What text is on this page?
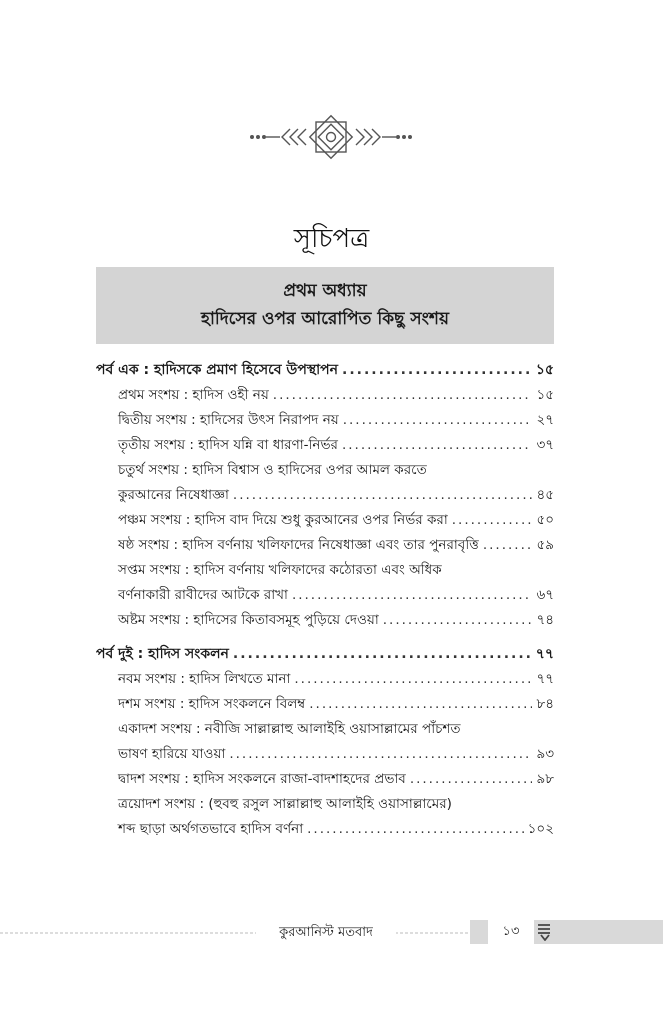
সূচিপত্র
প্রথম অধ্যায়
হাদিসের ওপর আরোপিত কিছু সংশয়
পর্ব এক : হাদিসকে প্রমাণ হিসেবে উপস্থাপন .....	১৫
প্রথম সংশয় : হাদিস ওহী নয় .....	১৫
দ্বিতীয় সংশয় : হাদিসের উৎস নিরাপদ নয় .....	২৭
তৃতীয় সংশয় : হাদিস যন্নি বা ধারণা-নির্ভর .....	৩৭
চতুর্থ সংশয় : হাদিস বিশ্বাস ও হাদিসের ওপর আমল করতে
কুরআনের নিষেধাজ্ঞা .....	৪৫
পঞ্চম সংশয় : হাদিস বাদ দিয়ে শুধু কুরআনের ওপর নির্ভর করা .....	৫০
ষষ্ঠ সংশয় : হাদিস বর্ণনায় খলিফাদের নিষেধাজ্ঞা এবং তার পুনরাবৃত্তি .....	৫৯
সপ্তম সংশয় : হাদিস বর্ণনায় খলিফাদের কঠোরতা এবং অধিক
বর্ণনাকারী রাবীদের আটকে রাখা .....	৬৭
অষ্টম সংশয় : হাদিসের কিতাবসমূহ পুড়িয়ে দেওয়া .....	৭৪
পর্ব দুই : হাদিস সংকলন .....	৭৭
নবম সংশয় : হাদিস লিখতে মানা .....	৭৭
দশম সংশয় : হাদিস সংকলনে বিলম্ব .....	৮৪
একাদশ সংশয় : নবীজি সাল্লাল্লাহু আলাইহি ওয়াসাল্লামের পাঁচশত
ভাষণ হারিয়ে যাওয়া .....	৯৩
দ্বাদশ সংশয় : হাদিস সংকলনে রাজা-বাদশাহদের প্রভাব .....	৯৮
ত্রয়োদশ সংশয় : (হুবহু রসুল সাল্লাল্লাহু আলাইহি ওয়াসাল্লামের)
শব্দ ছাড়া অর্থগতভাবে হাদিস বর্ণনা .....	১০২
কুরআনিস্ট মতবাদ	১৩
